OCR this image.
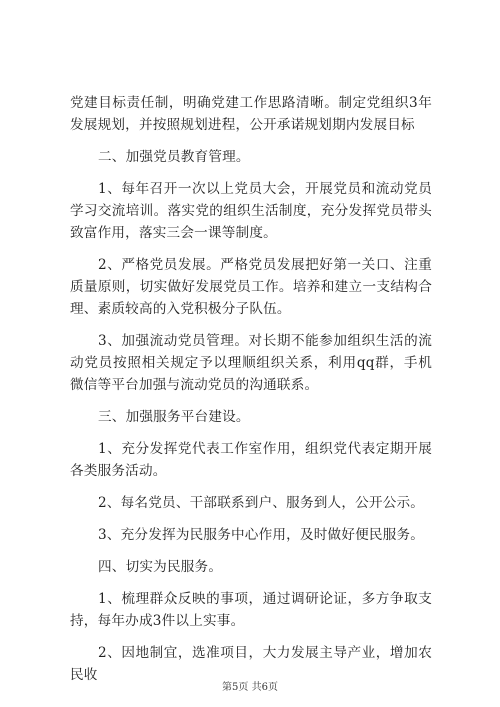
党建目标责任制，明确党建工作思路清晰。制定党组织3年发展规划，并按照规划进程，公开承诺规划期内发展目标

二、加强党员教育管理。

1、每年召开一次以上党员大会，开展党员和流动党员学习交流培训。落实党的组织生活制度，充分发挥党员带头致富作用，落实三会一课等制度。

2、严格党员发展。严格党员发展把好第一关口、注重质量原则，切实做好发展党员工作。培养和建立一支结构合理、素质较高的入党积极分子队伍。

3、加强流动党员管理。对长期不能参加组织生活的流动党员按照相关规定予以理顺组织关系，利用qq群，手机微信等平台加强与流动党员的沟通联系。

三、加强服务平台建设。

1、充分发挥党代表工作室作用，组织党代表定期开展各类服务活动。

2、每名党员、干部联系到户、服务到人，公开公示。

3、充分发挥为民服务中心作用，及时做好便民服务。

四、切实为民服务。

1、梳理群众反映的事项，通过调研论证，多方争取支持，每年办成3件以上实事。

2、因地制宜，选准项目，大力发展主导产业，增加农民收

第5页 共6页
